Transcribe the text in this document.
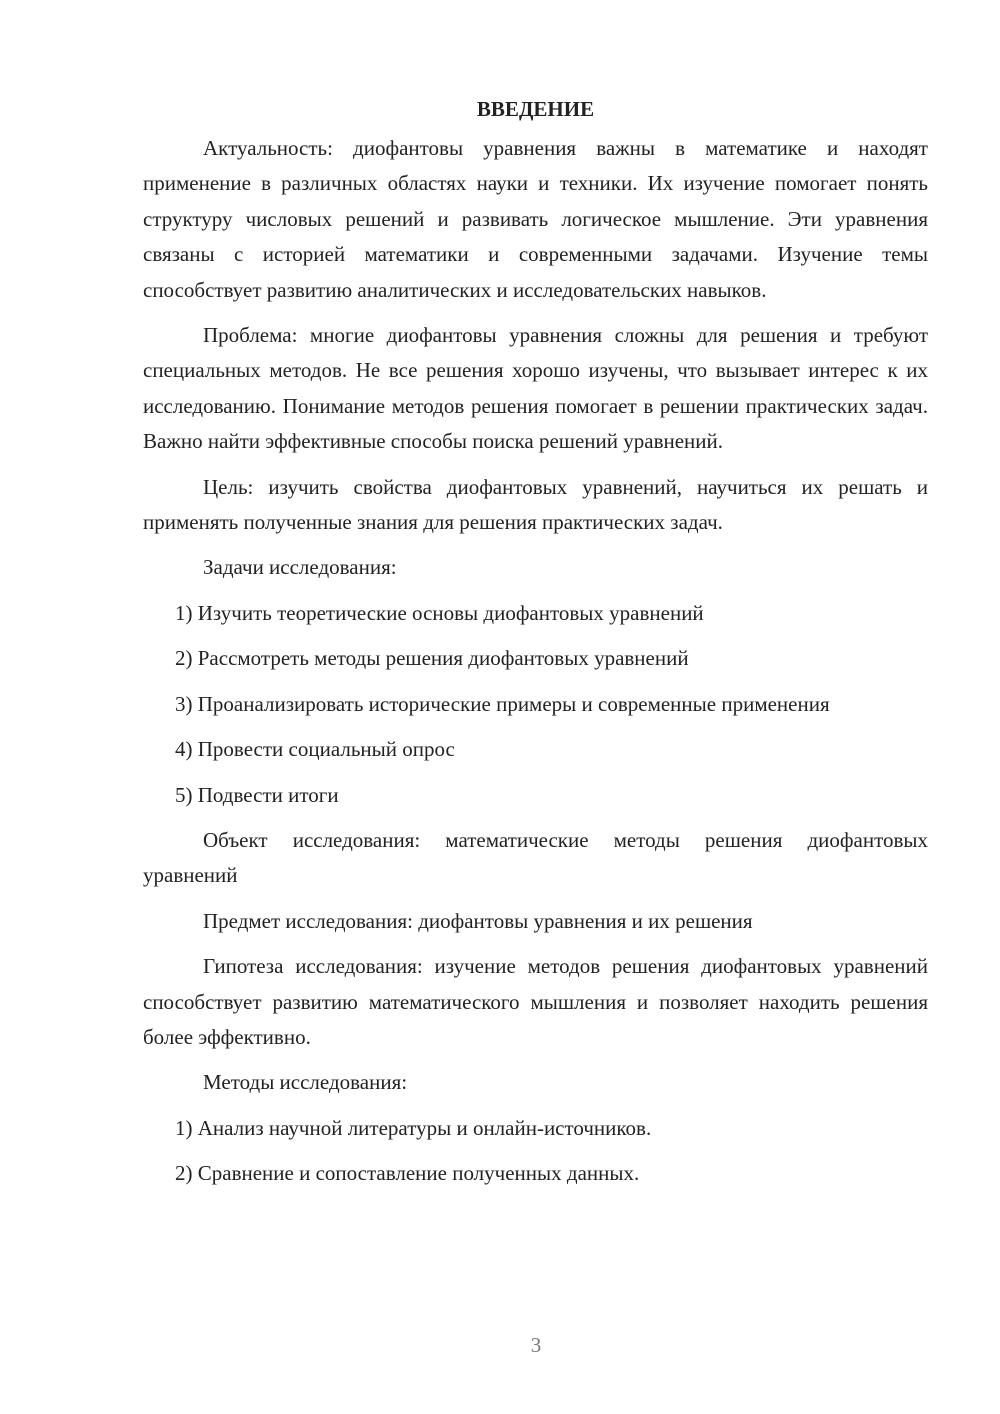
ВВЕДЕНИЕ

Актуальность: диофантовы уравнения важны в математике и находят применение в различных областях науки и техники. Их изучение помогает понять структуру числовых решений и развивать логическое мышление. Эти уравнения связаны с историей математики и современными задачами. Изучение темы способствует развитию аналитических и исследовательских навыков.

Проблема: многие диофантовы уравнения сложны для решения и требуют специальных методов. Не все решения хорошо изучены, что вызывает интерес к их исследованию. Понимание методов решения помогает в решении практических задач. Важно найти эффективные способы поиска решений уравнений.

Цель: изучить свойства диофантовых уравнений, научиться их решать и применять полученные знания для решения практических задач.

Задачи исследования:

1) Изучить теоретические основы диофантовых уравнений

2) Рассмотреть методы решения диофантовых уравнений

3) Проанализировать исторические примеры и современные применения

4) Провести социальный опрос

5) Подвести итоги

Объект исследования: математические методы решения диофантовых уравнений

Предмет исследования: диофантовы уравнения и их решения

Гипотеза исследования: изучение методов решения диофантовых уравнений способствует развитию математического мышления и позволяет находить решения более эффективно.

Методы исследования:

1) Анализ научной литературы и онлайн-источников.

2) Сравнение и сопоставление полученных данных.

3
